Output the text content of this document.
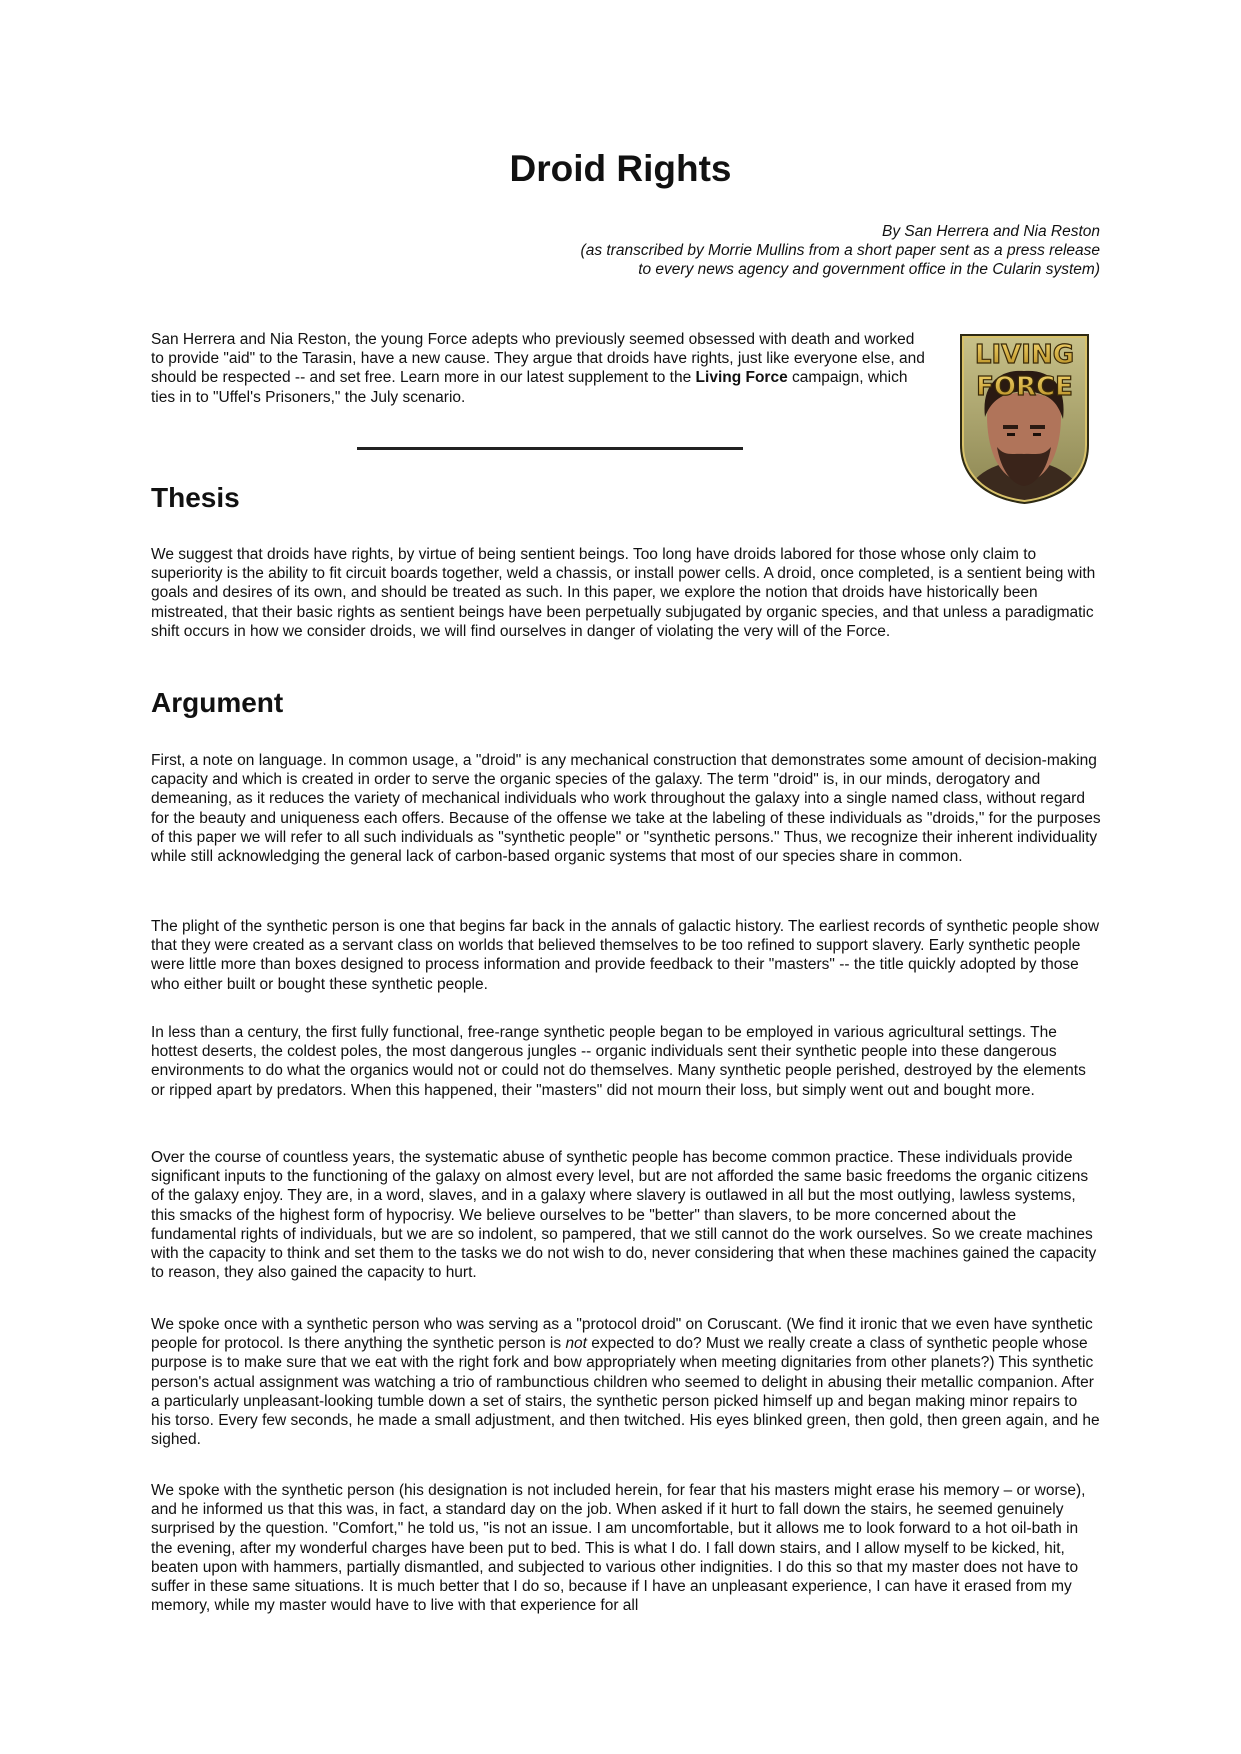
Droid Rights
By San Herrera and Nia Reston
(as transcribed by Morrie Mullins from a short paper sent as a press release
to every news agency and government office in the Cularin system)

San Herrera and Nia Reston, the young Force adepts who previously seemed obsessed with death and worked to provide "aid" to the Tarasin, have a new cause. They argue that droids have rights, just like everyone else, and should be respected -- and set free. Learn more in our latest supplement to the Living Force campaign, which ties in to "Uffel's Prisoners," the July scenario.

LIVING
FORCE
Thesis

We suggest that droids have rights, by virtue of being sentient beings. Too long have droids labored for those whose only claim to superiority is the ability to fit circuit boards together, weld a chassis, or install power cells. A droid, once completed, is a sentient being with goals and desires of its own, and should be treated as such. In this paper, we explore the notion that droids have historically been mistreated, that their basic rights as sentient beings have been perpetually subjugated by organic species, and that unless a paradigmatic shift occurs in how we consider droids, we will find ourselves in danger of violating the very will of the Force.

Argument

First, a note on language. In common usage, a "droid" is any mechanical construction that demonstrates some amount of decision-making capacity and which is created in order to serve the organic species of the galaxy. The term "droid" is, in our minds, derogatory and demeaning, as it reduces the variety of mechanical individuals who work throughout the galaxy into a single named class, without regard for the beauty and uniqueness each offers. Because of the offense we take at the labeling of these individuals as "droids," for the purposes of this paper we will refer to all such individuals as "synthetic people" or "synthetic persons." Thus, we recognize their inherent individuality while still acknowledging the general lack of carbon-based organic systems that most of our species share in common.

The plight of the synthetic person is one that begins far back in the annals of galactic history. The earliest records of synthetic people show that they were created as a servant class on worlds that believed themselves to be too refined to support slavery. Early synthetic people were little more than boxes designed to process information and provide feedback to their "masters" -- the title quickly adopted by those who either built or bought these synthetic people.

In less than a century, the first fully functional, free-range synthetic people began to be employed in various agricultural settings. The hottest deserts, the coldest poles, the most dangerous jungles -- organic individuals sent their synthetic people into these dangerous environments to do what the organics would not or could not do themselves. Many synthetic people perished, destroyed by the elements or ripped apart by predators. When this happened, their "masters" did not mourn their loss, but simply went out and bought more.

Over the course of countless years, the systematic abuse of synthetic people has become common practice. These individuals provide significant inputs to the functioning of the galaxy on almost every level, but are not afforded the same basic freedoms the organic citizens of the galaxy enjoy. They are, in a word, slaves, and in a galaxy where slavery is outlawed in all but the most outlying, lawless systems, this smacks of the highest form of hypocrisy. We believe ourselves to be "better" than slavers, to be more concerned about the fundamental rights of individuals, but we are so indolent, so pampered, that we still cannot do the work ourselves. So we create machines with the capacity to think and set them to the tasks we do not wish to do, never considering that when these machines gained the capacity to reason, they also gained the capacity to hurt.

We spoke once with a synthetic person who was serving as a "protocol droid" on Coruscant. (We find it ironic that we even have synthetic people for protocol. Is there anything the synthetic person is not expected to do? Must we really create a class of synthetic people whose purpose is to make sure that we eat with the right fork and bow appropriately when meeting dignitaries from other planets?) This synthetic person's actual assignment was watching a trio of rambunctious children who seemed to delight in abusing their metallic companion. After a particularly unpleasant-looking tumble down a set of stairs, the synthetic person picked himself up and began making minor repairs to his torso. Every few seconds, he made a small adjustment, and then twitched. His eyes blinked green, then gold, then green again, and he sighed.

We spoke with the synthetic person (his designation is not included herein, for fear that his masters might erase his memory – or worse), and he informed us that this was, in fact, a standard day on the job. When asked if it hurt to fall down the stairs, he seemed genuinely surprised by the question. "Comfort," he told us, "is not an issue. I am uncomfortable, but it allows me to look forward to a hot oil-bath in the evening, after my wonderful charges have been put to bed. This is what I do. I fall down stairs, and I allow myself to be kicked, hit, beaten upon with hammers, partially dismantled, and subjected to various other indignities. I do this so that my master does not have to suffer in these same situations. It is much better that I do so, because if I have an unpleasant experience, I can have it erased from my memory, while my master would have to live with that experience for all
